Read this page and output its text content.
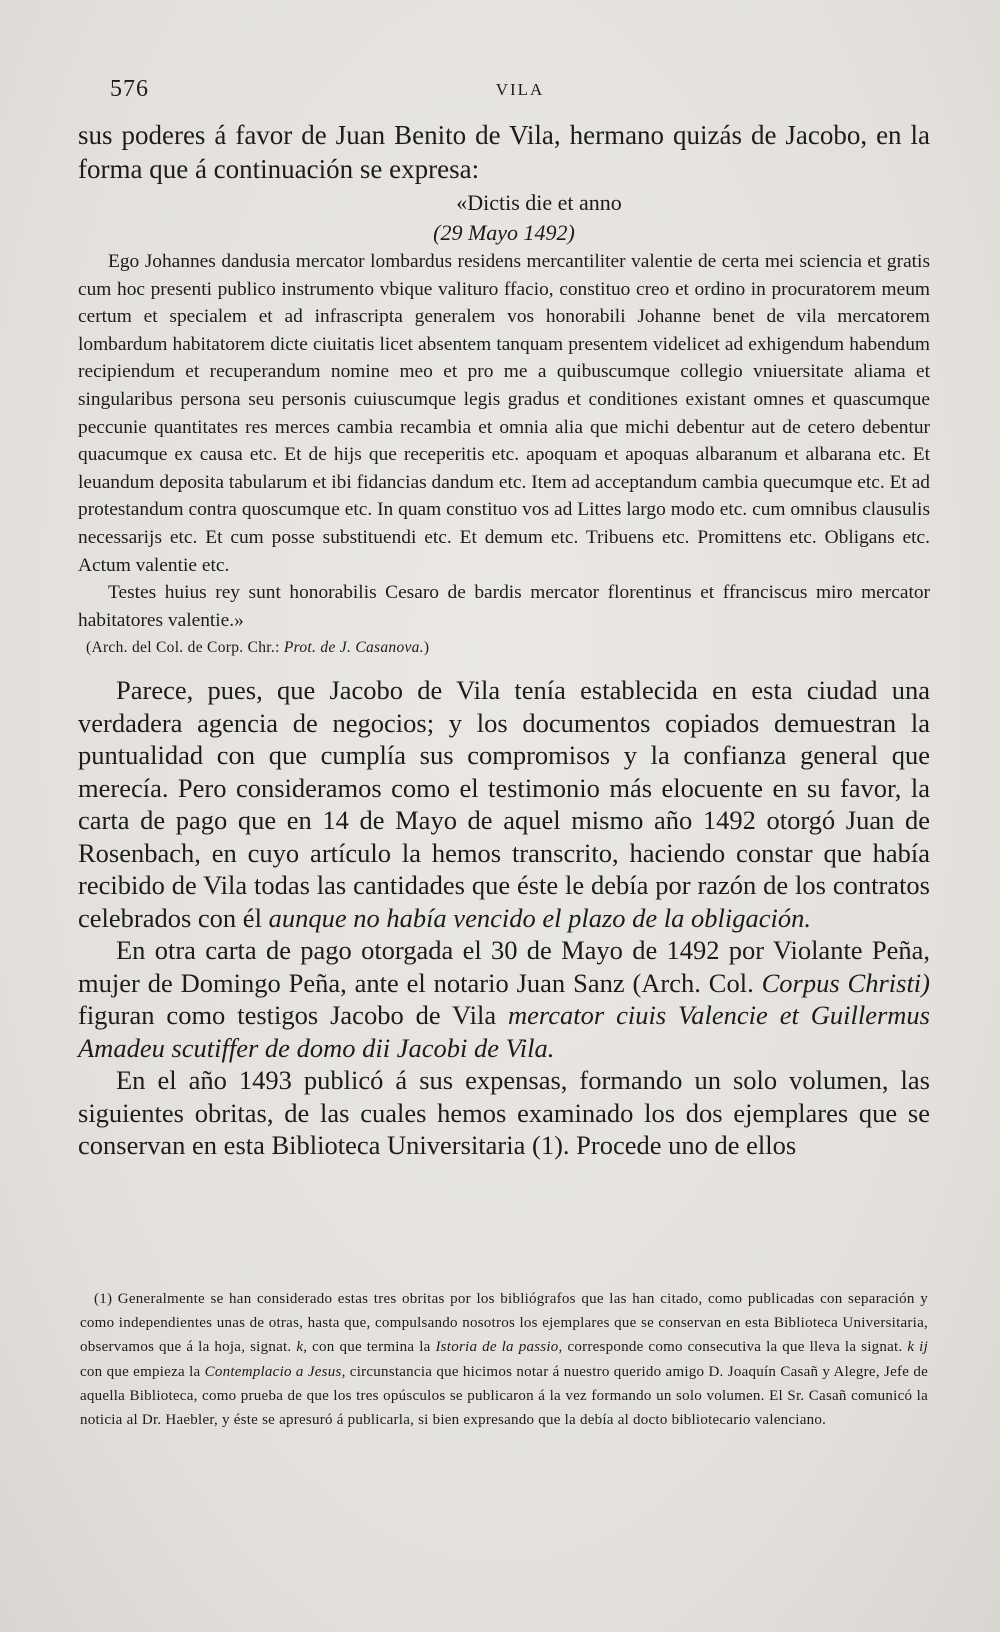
576	VILA

sus poderes á favor de Juan Benito de Vila, hermano quizás de Jacobo, en la forma que á continuación se expresa:

«Dictis die et anno

(29 Mayo 1492)

Ego Johannes dandusia mercator lombardus residens mercantiliter valentie de certa mei sciencia et gratis cum hoc presenti publico instrumento vbique valituro ffacio, constituo creo et ordino in procuratorem meum certum et specialem et ad infrascripta generalem vos honorabili Johanne benet de vila mercatorem lombardum habitatorem dicte ciuitatis licet absentem tanquam presentem videlicet ad exhigendum habendum recipiendum et recuperandum nomine meo et pro me a quibuscumque collegio vniuersitate aliama et singularibus persona seu personis cuiuscumque legis gradus et conditiones existant omnes et quascumque peccunie quantitates res merces cambia recambia et omnia alia que michi debentur aut de cetero debentur quacumque ex causa etc. Et de hijs que receperitis etc. apoquam et apoquas albaranum et albarana etc. Et leuandum deposita tabularum et ibi fidancias dandum etc. Item ad acceptandum cambia quecumque etc. Et ad protestandum contra quoscumque etc. In quam constituo vos ad Littes largo modo etc. cum omnibus clausulis necessarijs etc. Et cum posse substituendi etc. Et demum etc. Tribuens etc. Promittens etc. Obligans etc. Actum valentie etc.

Testes huius rey sunt honorabilis Cesaro de bardis mercator florentinus et ffranciscus miro mercator habitatores valentie.»

(Arch. del Col. de Corp. Chr.: Prot. de J. Casanova.)

Parece, pues, que Jacobo de Vila tenía establecida en esta ciudad una verdadera agencia de negocios; y los documentos copiados demuestran la puntualidad con que cumplía sus compromisos y la confianza general que merecía. Pero consideramos como el testimonio más elocuente en su favor, la carta de pago que en 14 de Mayo de aquel mismo año 1492 otorgó Juan de Rosenbach, en cuyo artículo la hemos transcrito, haciendo constar que había recibido de Vila todas las cantidades que éste le debía por razón de los contratos celebrados con él aunque no había vencido el plazo de la obligación.

En otra carta de pago otorgada el 30 de Mayo de 1492 por Violante Peña, mujer de Domingo Peña, ante el notario Juan Sanz (Arch. Col. Corpus Christi) figuran como testigos Jacobo de Vila mercator ciuis Valencie et Guillermus Amadeu scutiffer de domo dii Jacobi de Vila.

En el año 1493 publicó á sus expensas, formando un solo volumen, las siguientes obritas, de las cuales hemos examinado los dos ejemplares que se conservan en esta Biblioteca Universitaria (1). Procede uno de ellos

(1) Generalmente se han considerado estas tres obritas por los bibliógrafos que las han citado, como publicadas con separación y como independientes unas de otras, hasta que, compulsando nosotros los ejemplares que se conservan en esta Biblioteca Universitaria, observamos que á la hoja, signat. k, con que termina la Istoria de la passio, corresponde como consecutiva la que lleva la signat. k ij con que empieza la Contemplacio a Jesus, circunstancia que hicimos notar á nuestro querido amigo D. Joaquín Casañ y Alegre, Jefe de aquella Biblioteca, como prueba de que los tres opúsculos se publicaron á la vez formando un solo volumen. El Sr. Casañ comunicó la noticia al Dr. Haebler, y éste se apresuró á publicarla, si bien expresando que la debía al docto bibliotecario valenciano.
